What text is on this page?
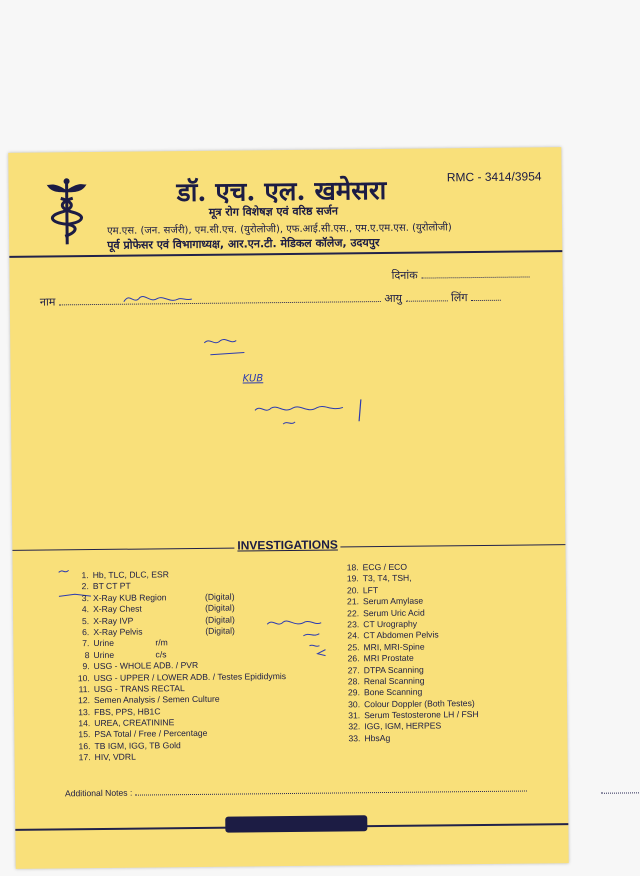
डॉ. एच. एल. खमेसरा	RMC - 3414/3954
मूत्र रोग विशेषज्ञ एवं वरिष्ठ सर्जन
एम.एस. (जन. सर्जरी), एम.सी.एच. (युरोलोजी), एफ.आई.सी.एस., एम.ए.एम.एस. (युरोलोजी)
पूर्व प्रोफेसर एवं विभागाध्यक्ष, आर.एन.टी. मेडिकल कॉलेज, उदयपुर
दिनांक
नाम	आयु	लिंग
KUB
INVESTIGATIONS
1. Hb, TLC, DLC, ESR
2. BT CT PT
3. X-Ray KUB Region	(Digital)
4. X-Ray Chest	(Digital)
5. X-Ray IVP	(Digital)
6. X-Ray Pelvis	(Digital)
7. Urine	r/m
8 Urine	c/s
9. USG - WHOLE ADB. / PVR
10. USG - UPPER / LOWER ADB. / Testes Epididymis
11. USG - TRANS RECTAL
12. Semen Analysis / Semen Culture
13. FBS, PPS, HB1C
14. UREA, CREATININE
15. PSA Total / Free / Percentage
16. TB IGM, IGG, TB Gold
17. HIV, VDRL
18. ECG / ECO
19. T3, T4, TSH,
20. LFT
21. Serum Amylase
22. Serum Uric Acid
23. CT Urography
24. CT Abdomen Pelvis
25. MRI, MRI-Spine
26. MRI Prostate
27. DTPA Scanning
28. Renal Scanning
29. Bone Scanning
30. Colour Doppler (Both Testes)
31. Serum Testosterone LH / FSH
32. IGG, IGM, HERPES
33. HbsAg
Additional Notes :
